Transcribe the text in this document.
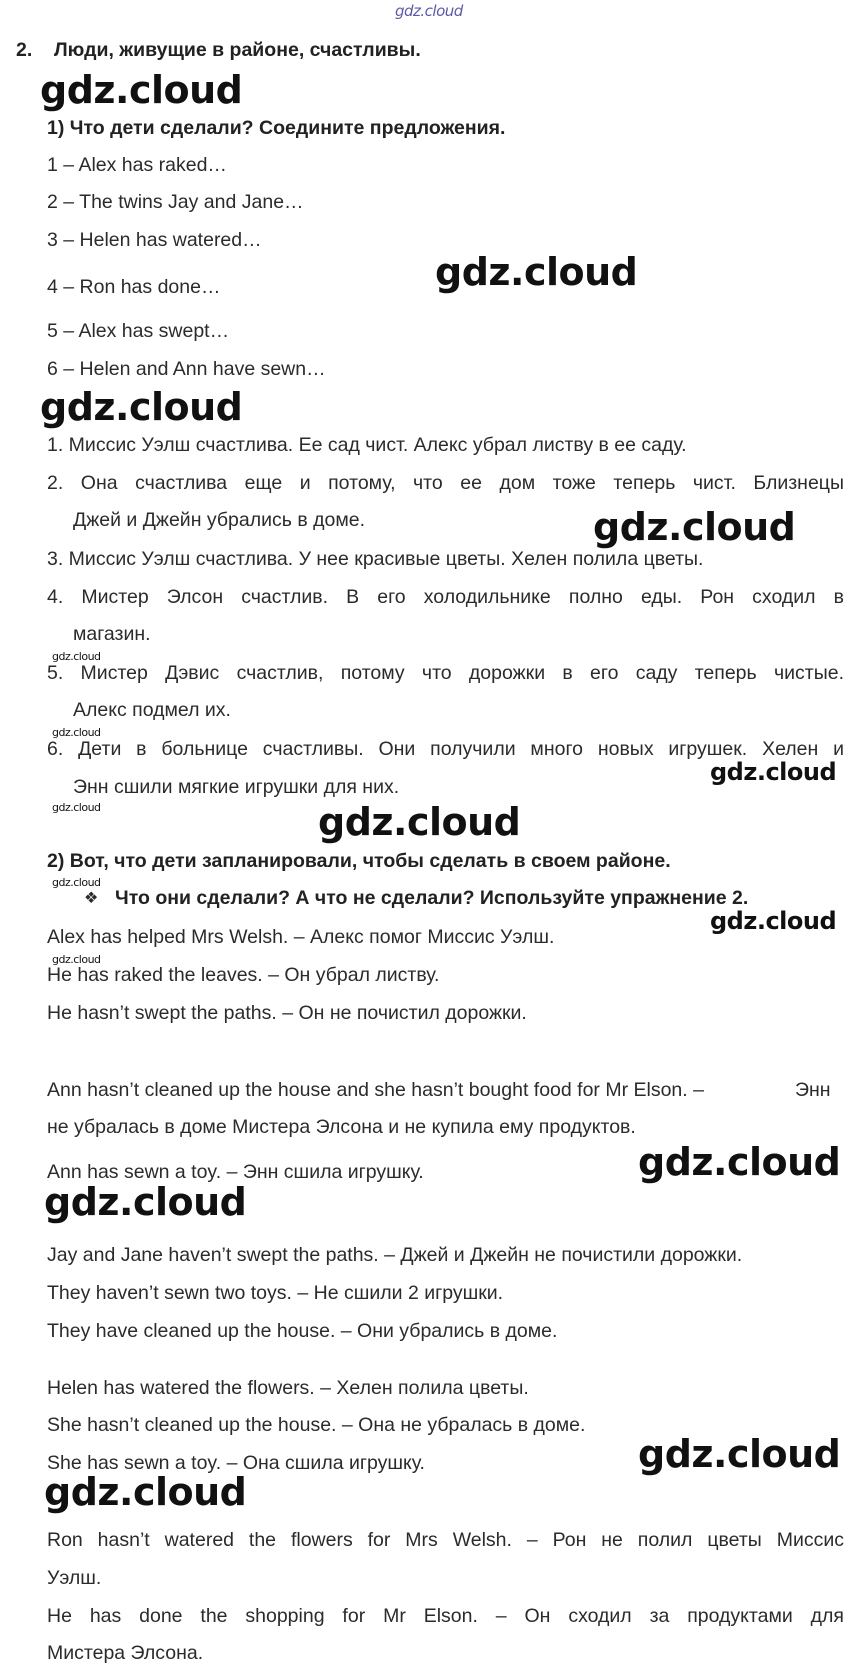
gdz.cloud
2. Люди, живущие в районе, счастливы.
gdz.cloud
1) Что дети сделали? Соедините предложения.
1 – Alex has raked…
2 – The twins Jay and Jane…
3 – Helen has watered…
4 – Ron has done…	gdz.cloud
5 – Alex has swept…
6 – Helen and Ann have sewn…
gdz.cloud
1. Миссис Уэлш счастлива. Ее сад чист. Алекс убрал листву в ее саду.
2. Она счастлива еще и потому, что ее дом тоже теперь чист. Близнецы
Джей и Джейн убрались в доме.	gdz.cloud
3. Миссис Уэлш счастлива. У нее красивые цветы. Хелен полила цветы.
4. Мистер Элсон счастлив. В его холодильнике полно еды. Рон сходил в
магазин.
gdz.cloud
5. Мистер Дэвис счастлив, потому что дорожки в его саду теперь чистые.
Алекс подмел их.
gdz.cloud
6. Дети в больнице счастливы. Они получили много новых игрушек. Хелен и
gdz.cloud
Энн сшили мягкие игрушки для них.
gdz.cloud	gdz.cloud
2) Вот, что дети запланировали, чтобы сделать в своем районе.
gdz.cloud
❖ Что они сделали? А что не сделали? Используйте упражнение 2.
gdz.cloud
Alex has helped Mrs Welsh. – Алекс помог Миссис Уэлш.
gdz.cloud
He has raked the leaves. – Он убрал листву.
He hasn’t swept the paths. – Он не почистил дорожки.
Ann hasn’t cleaned up the house and she hasn’t bought food for Mr Elson. –	Энн
не убралась в доме Мистера Элсона и не купила ему продуктов.
gdz.cloud
Ann has sewn a toy. – Энн сшила игрушку.
gdz.cloud
Jay and Jane haven’t swept the paths. – Джей и Джейн не почистили дорожки.
They haven’t sewn two toys. – Не сшили 2 игрушки.
They have cleaned up the house. – Они убрались в доме.
Helen has watered the flowers. – Хелен полила цветы.
She hasn’t cleaned up the house. – Она не убралась в доме.
gdz.cloud
She has sewn a toy. – Она сшила игрушку.
gdz.cloud
Ron hasn’t watered the flowers for Mrs Welsh. – Рон не полил цветы Миссис
Уэлш.
He has done the shopping for Mr Elson. – Он сходил за продуктами для
Мистера Элсона.
